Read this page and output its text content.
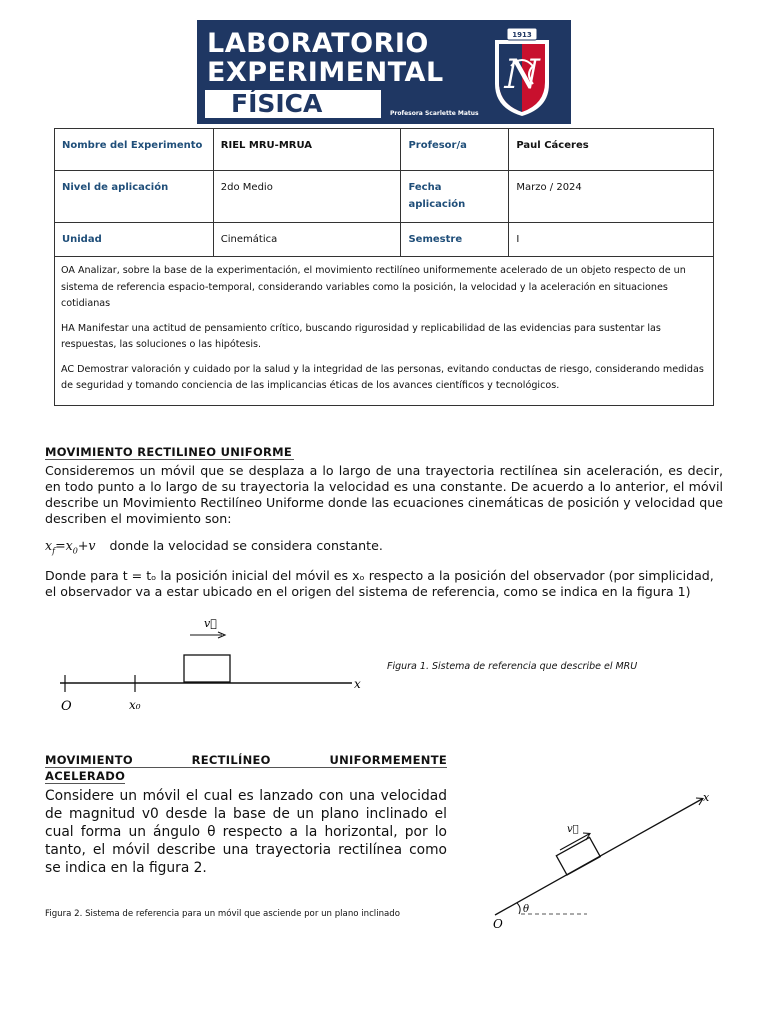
LABORATORIO
EXPERIMENTAL
FÍSICA	Profesora Scarlette Matus
1913
N
Nombre del Experimento	RIEL MRU-MRUA	Profesor/a	Paul Cáceres
Nivel de aplicación	2do Medio	Fecha aplicación	Marzo / 2024
Unidad	Cinemática	Semestre	I

OA Analizar, sobre la base de la experimentación, el movimiento rectilíneo uniformemente acelerado de un objeto respecto de un sistema de referencia espacio-temporal, considerando variables como la posición, la velocidad y la aceleración en situaciones cotidianas

HA Manifestar una actitud de pensamiento crítico, buscando rigurosidad y replicabilidad de las evidencias para sustentar las respuestas, las soluciones o las hipótesis.

AC Demostrar valoración y cuidado por la salud y la integridad de las personas, evitando conductas de riesgo, considerando medidas de seguridad y tomando conciencia de las implicancias éticas de los avances científicos y tecnológicos.			

MOVIMIENTO RECTILINEO UNIFORME
Consideremos un móvil que se desplaza a lo largo de una trayectoria rectilínea sin aceleración, es decir, en todo punto a lo largo de su trayectoria la velocidad es una constante. De acuerdo a lo anterior, el móvil describe un Movimiento Rectilíneo Uniforme donde las ecuaciones cinemáticas de posición y velocidad que describen el movimiento son:
$x_f=x_0+v$ donde la velocidad se considera constante.
Donde para t = tₒ la posición inicial del móvil es xₒ respecto a la posición del observador (por simplicidad, el observador va a estar ubicado en el origen del sistema de referencia, como se indica en la figura 1)
v⃗
x
O	x₀
Figura 1. Sistema de referencia que describe el MRU
MOVIMIENTO	RECTILÍNEO	UNIFORMEMENTE
ACELERADO
Considere un móvil el cual es lanzado con una velocidad de magnitud v0 desde la base de un plano inclinado el cual forma un ángulo θ respecto a la horizontal, por lo tanto, el móvil describe una trayectoria rectilínea como se indica en la figura 2.
Figura 2. Sistema de referencia para un móvil que asciende por un plano inclinado
v⃗
x
θ
O
